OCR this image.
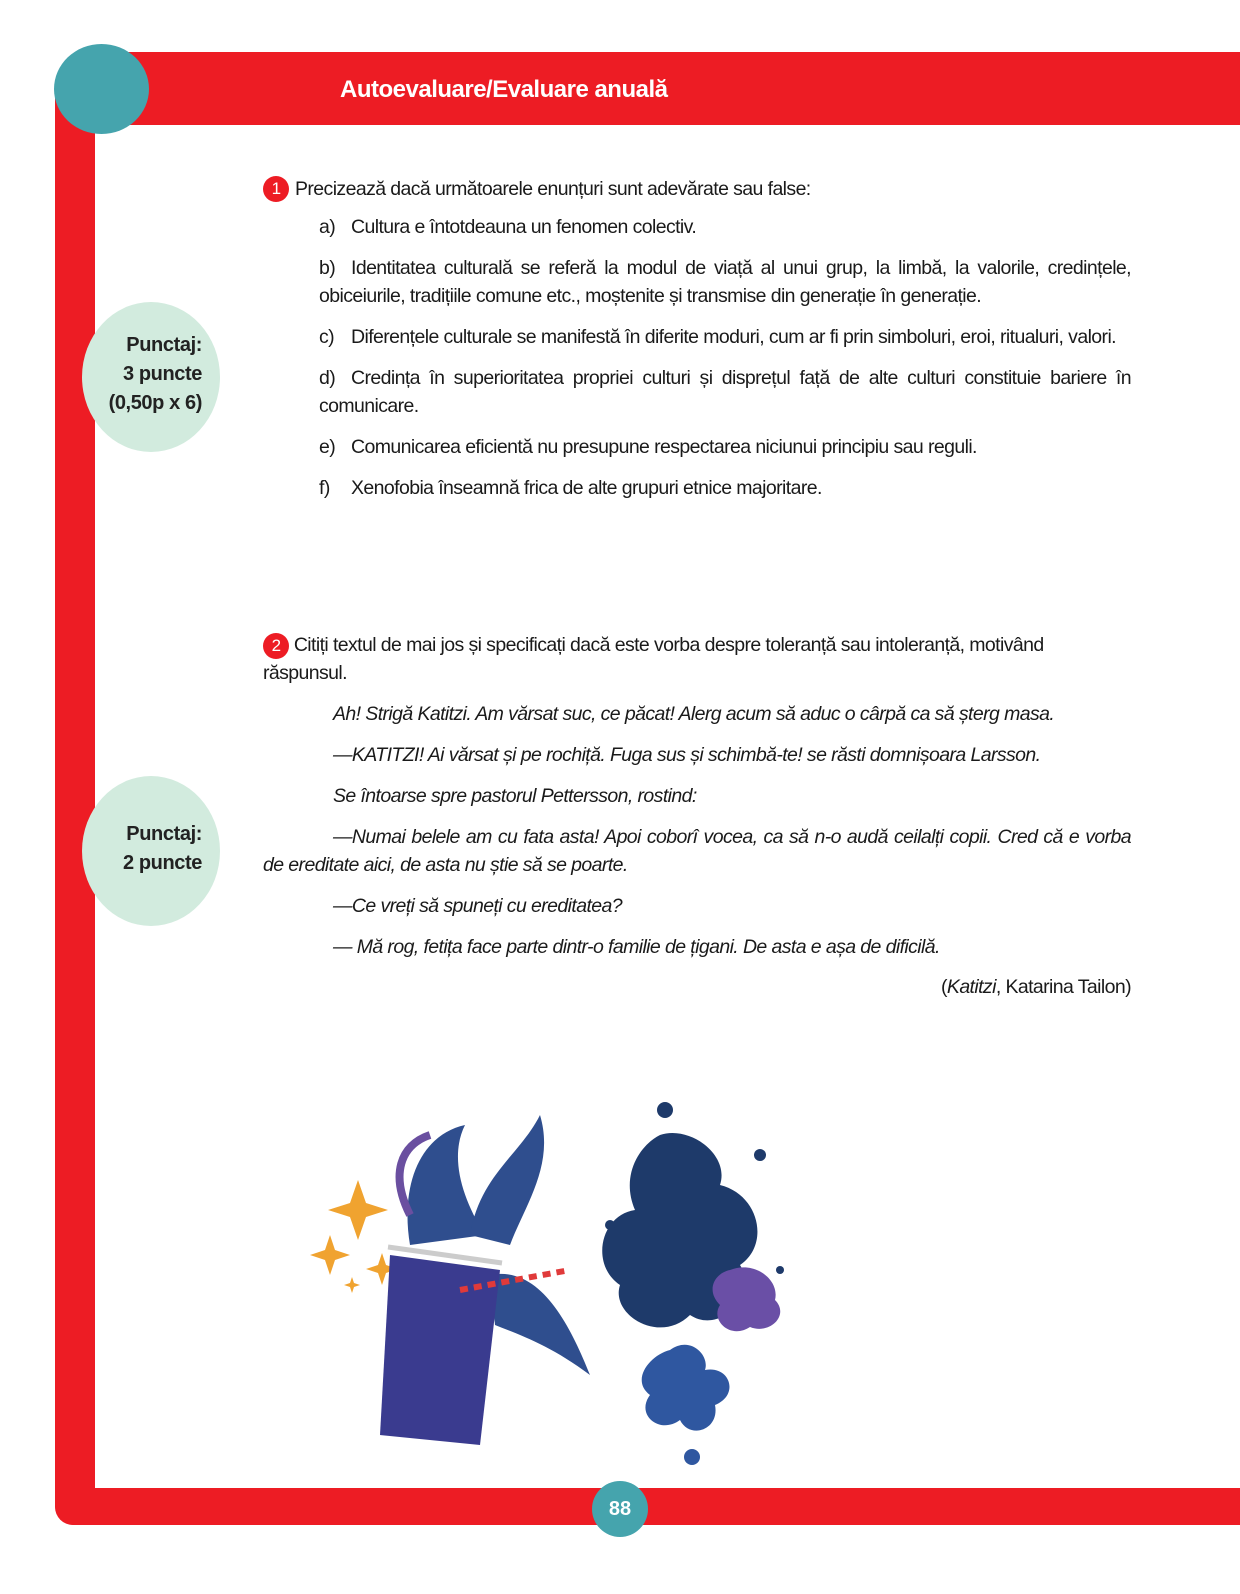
Autoevaluare/Evaluare anuală
88
Punctaj:
3 puncte
(0,50p x 6)
Punctaj:
2 puncte
1 Precizează dacă următoarele enunțuri sunt adevărate sau false:
a) Cultura e întotdeauna un fenomen colectiv.
b) Identitatea culturală se referă la modul de viață al unui grup, la limbă, la valorile, credințele, obiceiurile, tradițiile comune etc., moștenite și transmise din generație în generație.
c) Diferențele culturale se manifestă în diferite moduri, cum ar fi prin simboluri, eroi, ritualuri, valori.
d) Credința în superioritatea propriei culturi și disprețul față de alte culturi constituie bariere în comunicare.
e) Comunicarea eficientă nu presupune respectarea niciunui principiu sau reguli.
f) Xenofobia înseamnă frica de alte grupuri etnice majoritare.
2 Citiți textul de mai jos și specificați dacă este vorba despre toleranță sau intoleranță, motivând răspunsul.
Ah! Strigă Katitzi. Am vărsat suc, ce păcat! Alerg acum să aduc o cârpă ca să șterg masa.
—KATITZI! Ai vărsat și pe rochiță. Fuga sus și schimbă-te! se răsti domnișoara Larsson.
Se întoarse spre pastorul Pettersson, rostind:
—Numai belele am cu fata asta! Apoi coborî vocea, ca să n-o audă ceilalți copii. Cred că e vorba de ereditate aici, de asta nu știe să se poarte.
—Ce vreți să spuneți cu ereditatea?
— Mă rog, fetița face parte dintr-o familie de țigani. De asta e așa de dificilă.
(Katitzi, Katarina Tailon)
